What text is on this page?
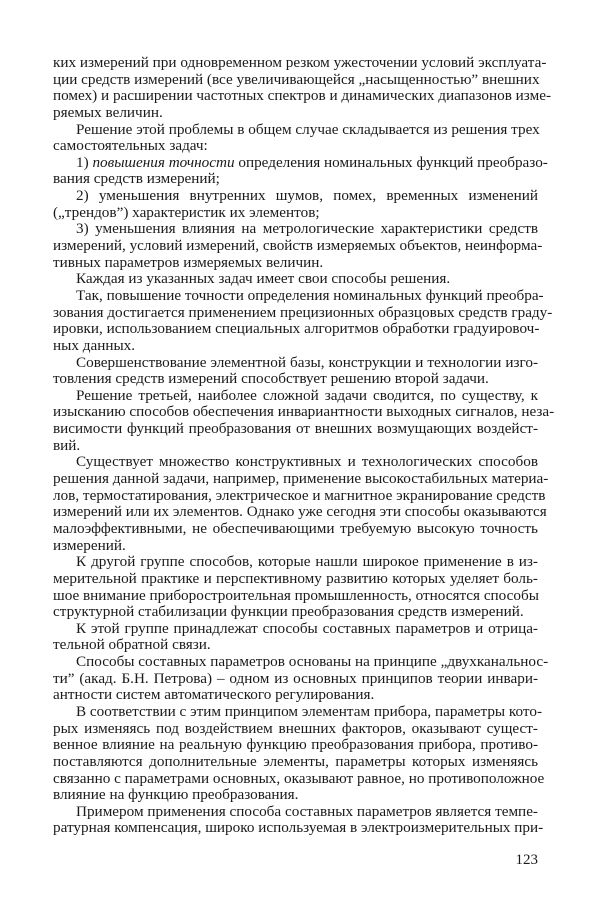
ких измерений при одновременном резком ужесточении условий эксплуата-
ции средств измерений (все увеличивающейся „насыщенностью” внешних
помех) и расширении частотных спектров и динамических диапазонов изме-
ряемых величин.
Решение этой проблемы в общем случае складывается из решения трех
самостоятельных задач:
1) повышения точности определения номинальных функций преобразо-
вания средств измерений;
2) уменьшения внутренних шумов, помех, временных изменений
(„трендов”) характеристик их элементов;
3) уменьшения влияния на метрологические характеристики средств
измерений, условий измерений, свойств измеряемых объектов, неинформа-
тивных параметров измеряемых величин.
Каждая из указанных задач имеет свои способы решения.
Так, повышение точности определения номинальных функций преобра-
зования достигается применением прецизионных образцовых средств граду-
ировки, использованием специальных алгоритмов обработки градуировоч-
ных данных.
Совершенствование элементной базы, конструкции и технологии изго-
товления средств измерений способствует решению второй задачи.
Решение третьей, наиболее сложной задачи сводится, по существу, к
изысканию способов обеспечения инвариантности выходных сигналов, неза-
висимости функций преобразования от внешних возмущающих воздейст-
вий.
Существует множество конструктивных и технологических способов
решения данной задачи, например, применение высокостабильных материа-
лов, термостатирования, электрическое и магнитное экранирование средств
измерений или их элементов. Однако уже сегодня эти способы оказываются
малоэффективными, не обеспечивающими требуемую высокую точность
измерений.
К другой группе способов, которые нашли широкое применение в из-
мерительной практике и перспективному развитию которых уделяет боль-
шое внимание приборостроительная промышленность, относятся способы
структурной стабилизации функции преобразования средств измерений.
К этой группе принадлежат способы составных параметров и отрица-
тельной обратной связи.
Способы составных параметров основаны на принципе „двухканальнос-
ти” (акад. Б.Н. Петрова) – одном из основных принципов теории инвари-
антности систем автоматического регулирования.
В соответствии с этим принципом элементам прибора, параметры кото-
рых изменяясь под воздействием внешних факторов, оказывают сущест-
венное влияние на реальную функцию преобразования прибора, противо-
поставляются дополнительные элементы, параметры которых изменяясь
связанно с параметрами основных, оказывают равное, но противоположное
влияние на функцию преобразования.
Примером применения способа составных параметров является темпе-
ратурная компенсация, широко используемая в электроизмерительных при-
123
